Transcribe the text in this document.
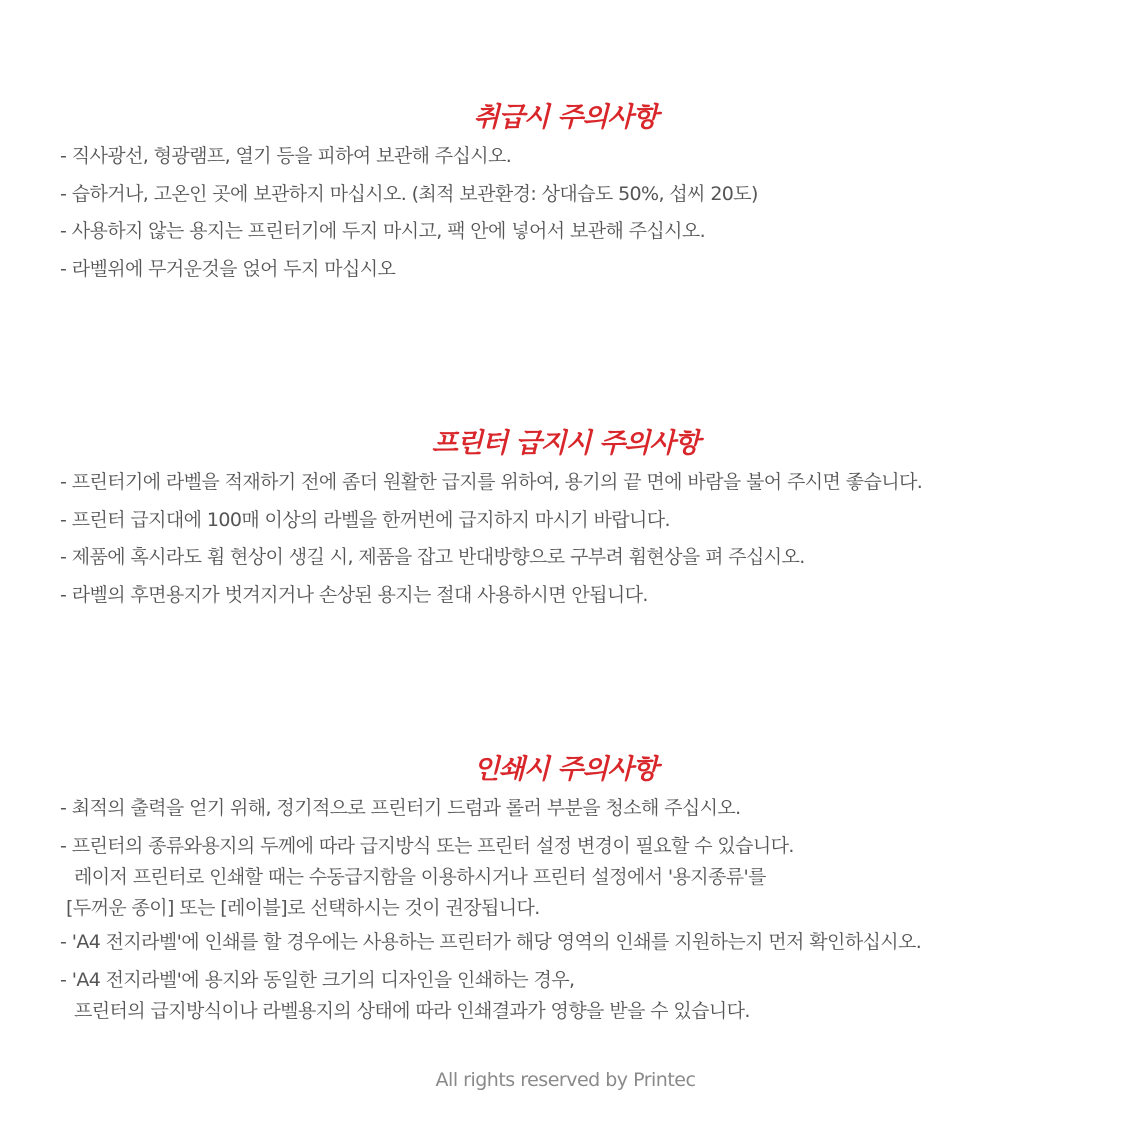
취급시 주의사항
- 직사광선, 형광램프, 열기 등을 피하여 보관해 주십시오.
- 습하거나, 고온인 곳에 보관하지 마십시오. (최적 보관환경: 상대습도 50%, 섭씨 20도)
- 사용하지 않는 용지는 프린터기에 두지 마시고, 팩 안에 넣어서 보관해 주십시오.
- 라벨위에 무거운것을 얹어 두지 마십시오
프린터 급지시 주의사항
- 프린터기에 라벨을 적재하기 전에 좀더 원활한 급지를 위하여, 용기의 끝 면에 바람을 불어 주시면 좋습니다.
- 프린터 급지대에 100매 이상의 라벨을 한꺼번에 급지하지 마시기 바랍니다.
- 제품에 혹시라도 휨 현상이 생길 시, 제품을 잡고 반대방향으로 구부려 휨현상을 펴 주십시오.
- 라벨의 후면용지가 벗겨지거나 손상된 용지는 절대 사용하시면 안됩니다.
인쇄시 주의사항
- 최적의 출력을 얻기 위해, 정기적으로 프린터기 드럼과 롤러 부분을 청소해 주십시오.
- 프린터의 종류와용지의 두께에 따라 급지방식 또는 프린터 설정 변경이 필요할 수 있습니다.
레이저 프린터로 인쇄할 때는 수동급지함을 이용하시거나 프린터 설정에서 '용지종류'를
[두꺼운 종이] 또는 [레이블]로 선택하시는 것이 권장됩니다.
- 'A4 전지라벨'에 인쇄를 할 경우에는 사용하는 프린터가 해당 영역의 인쇄를 지원하는지 먼저 확인하십시오.
- 'A4 전지라벨'에 용지와 동일한 크기의 디자인을 인쇄하는 경우,
프린터의 급지방식이나 라벨용지의 상태에 따라 인쇄결과가 영향을 받을 수 있습니다.
All rights reserved by Printec
